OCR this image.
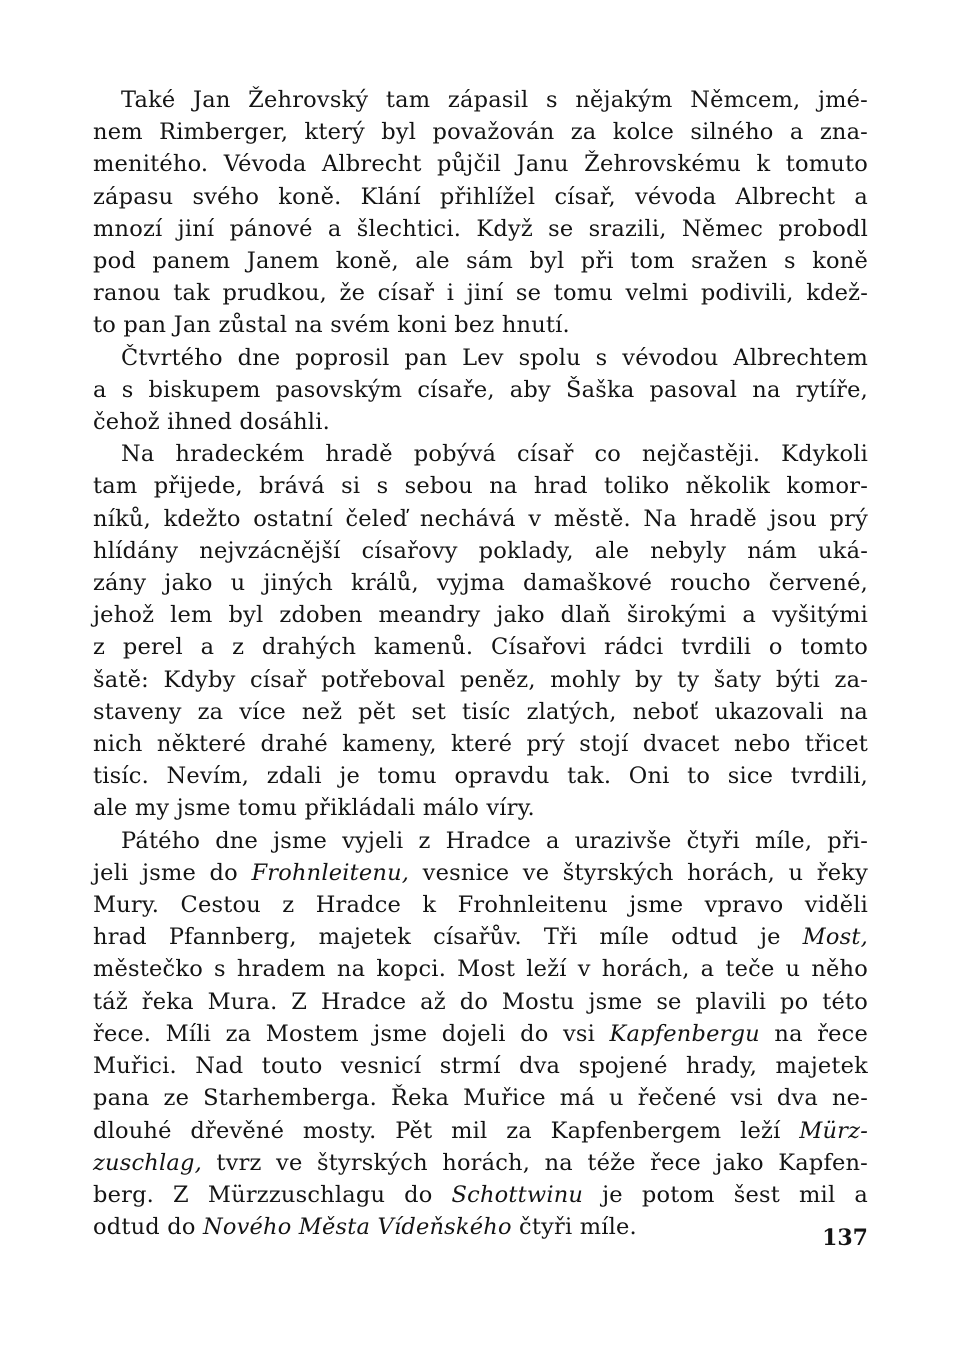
Také Jan Žehrovský tam zápasil s nějakým Němcem, jmé-
nem Rimberger, který byl považován za kolce silného a zna-
menitého. Vévoda Albrecht půjčil Janu Žehrovskému k tomuto
zápasu svého koně. Klání přihlížel císař, vévoda Albrecht a
mnozí jiní pánové a šlechtici. Když se srazili, Němec probodl
pod panem Janem koně, ale sám byl při tom sražen s koně
ranou tak prudkou, že císař i jiní se tomu velmi podivili, kdež-
to pan Jan zůstal na svém koni bez hnutí.
Čtvrtého dne poprosil pan Lev spolu s vévodou Albrechtem
a s biskupem pasovským císaře, aby Šaška pasoval na rytíře,
čehož ihned dosáhli.
Na hradeckém hradě pobývá císař co nejčastěji. Kdykoli
tam přijede, brává si s sebou na hrad toliko několik komor-
níků, kdežto ostatní čeleď nechává v městě. Na hradě jsou prý
hlídány nejvzácnější císařovy poklady, ale nebyly nám uká-
zány jako u jiných králů, vyjma damaškové roucho červené,
jehož lem byl zdoben meandry jako dlaň širokými a vyšitými
z perel a z drahých kamenů. Císařovi rádci tvrdili o tomto
šatě: Kdyby císař potřeboval peněz, mohly by ty šaty býti za-
staveny za více než pět set tisíc zlatých, neboť ukazovali na
nich některé drahé kameny, které prý stojí dvacet nebo třicet
tisíc. Nevím, zdali je tomu opravdu tak. Oni to sice tvrdili,
ale my jsme tomu přikládali málo víry.
Pátého dne jsme vyjeli z Hradce a urazivše čtyři míle, při-
jeli jsme do Frohnleitenu, vesnice ve štyrských horách, u řeky
Mury. Cestou z Hradce k Frohnleitenu jsme vpravo viděli
hrad Pfannberg, majetek císařův. Tři míle odtud je Most,
městečko s hradem na kopci. Most leží v horách, a teče u něho
táž řeka Mura. Z Hradce až do Mostu jsme se plavili po této
řece. Míli za Mostem jsme dojeli do vsi Kapfenbergu na řece
Muřici. Nad touto vesnicí strmí dva spojené hrady, majetek
pana ze Starhemberga. Řeka Muřice má u řečené vsi dva ne-
dlouhé dřevěné mosty. Pět mil za Kapfenbergem leží Mürz-
zuschlag, tvrz ve štyrských horách, na téže řece jako Kapfen-
berg. Z Mürzzuschlagu do Schottwinu je potom šest mil a
odtud do Nového Města Vídeňského čtyři míle.	137
